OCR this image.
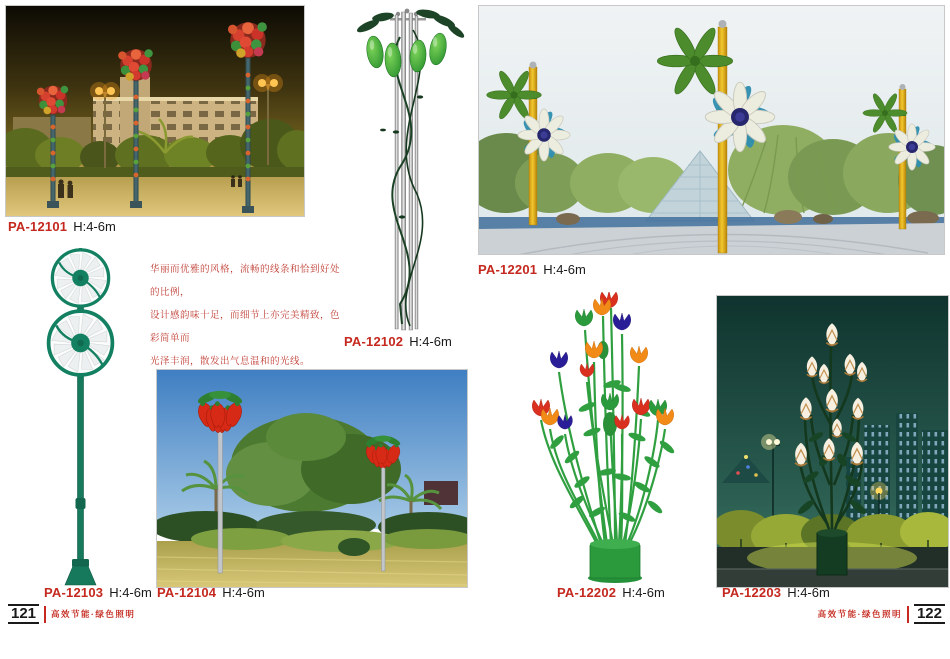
华丽而优雅的风格，流畅的线条和恰到好处的比例，
设计感韵味十足，而细节上亦完美精致，色彩简单而
光泽丰润，散发出气息温和的光线。
PA-12101 H:4-6m
PA-12102 H:4-6m
PA-12201 H:4-6m
PA-12103 H:4-6m PA-12104 H:4-6m	PA-12202 H:4-6m	PA-12203 H:4-6m
121	高效节能·绿色照明	高效节能·绿色照明 122
